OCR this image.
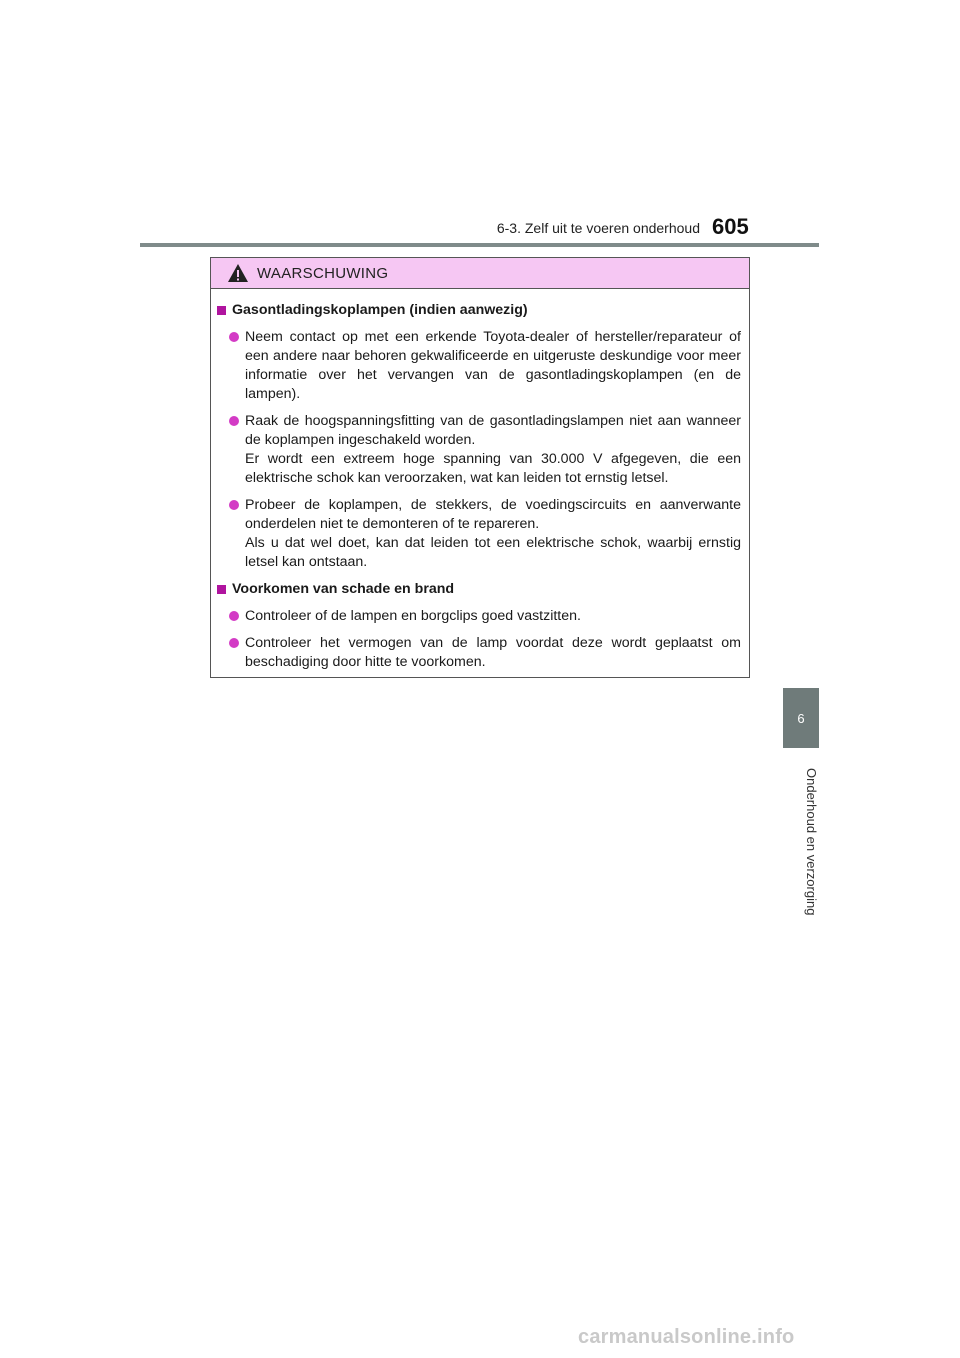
6-3. Zelf uit te voeren onderhoud 605
6
Onderhoud en verzorging
WAARSCHUWING
Gasontladingskoplampen (indien aanwezig)

Neem contact op met een erkende Toyota-dealer of hersteller/reparateur of een andere naar behoren gekwalificeerde en uitgeruste deskundige voor meer informatie over het vervangen van de gasontladingskoplampen (en de lampen).

Raak de hoogspanningsfitting van de gasontladingslampen niet aan wanneer de koplampen ingeschakeld worden.

Er wordt een extreem hoge spanning van 30.000 V afgegeven, die een elektrische schok kan veroorzaken, wat kan leiden tot ernstig letsel.

Probeer de koplampen, de stekkers, de voedingscircuits en aanverwante onderdelen niet te demonteren of te repareren.

Als u dat wel doet, kan dat leiden tot een elektrische schok, waarbij ernstig letsel kan ontstaan.

Voorkomen van schade en brand

Controleer of de lampen en borgclips goed vastzitten.

Controleer het vermogen van de lamp voordat deze wordt geplaatst om beschadiging door hitte te voorkomen.

carmanualsonline.info
